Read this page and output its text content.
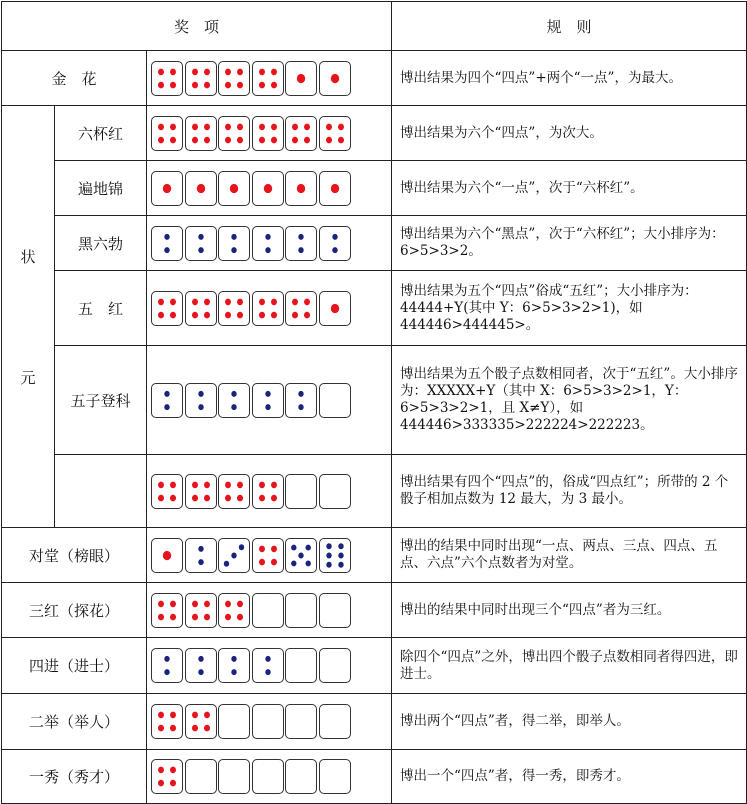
奖　项			规　则
金　花			博出结果为四个“四点”+两个“一点”，为最大。

状
元	六杯红		博出结果为六个“四点”，为次大。
	遍地锦		博出结果为六个“一点”，次于“六杯红”。
	黑六勃		博出结果为六个“黑点”，次于“六杯红”；大小排序为：6>5>3>2。
	五　红		博出结果为五个“四点”俗成“五红”；大小排序为：44444+Y(其中 Y：6>5>3>2>1)，如 444446>444445>。
	五子登科		博出结果为五个骰子点数相同者，次于“五红”。大小排序为：XXXXX+Y（其中 X：6>5>3>2>1，Y：6>5>3>2>1，且 X≠Y），如 444446>333335>222224>222223。

	博出结果有四个“四点”的，俗成“四点红”；所带的 2 个骰子相加点数为 12 最大，为 3 最小。
对堂（榜眼）			博出的结果中同时出现“一点、两点、三点、四点、五点、六点”六个点数者为对堂。
三红（探花）			博出的结果中同时出现三个“四点”者为三红。
四进（进士）			除四个“四点”之外，博出四个骰子点数相同者得四进，即进士。
二举（举人）			博出两个“四点”者，得二举，即举人。
一秀（秀才）			博出一个“四点”者，得一秀，即秀才。
